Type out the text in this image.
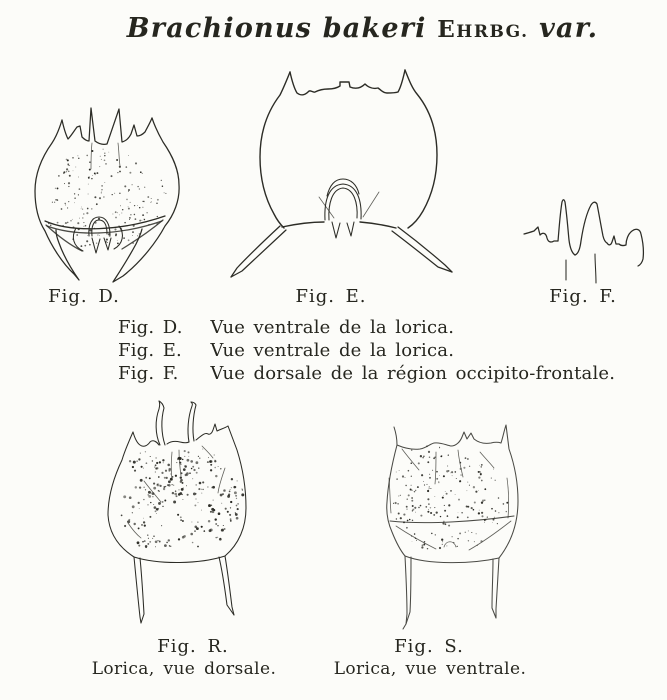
Brachionus bakeri EHRBG. var.
Fig. D.	Fig. E.	Fig. F.
Fig. D. Vue ventrale de la lorica.
Fig. E. Vue ventrale de la lorica.
Fig. F. Vue dorsale de la région occipito-frontale.
Fig. R.
Lorica, vue dorsale.
Fig. S.
Lorica, vue ventrale.
